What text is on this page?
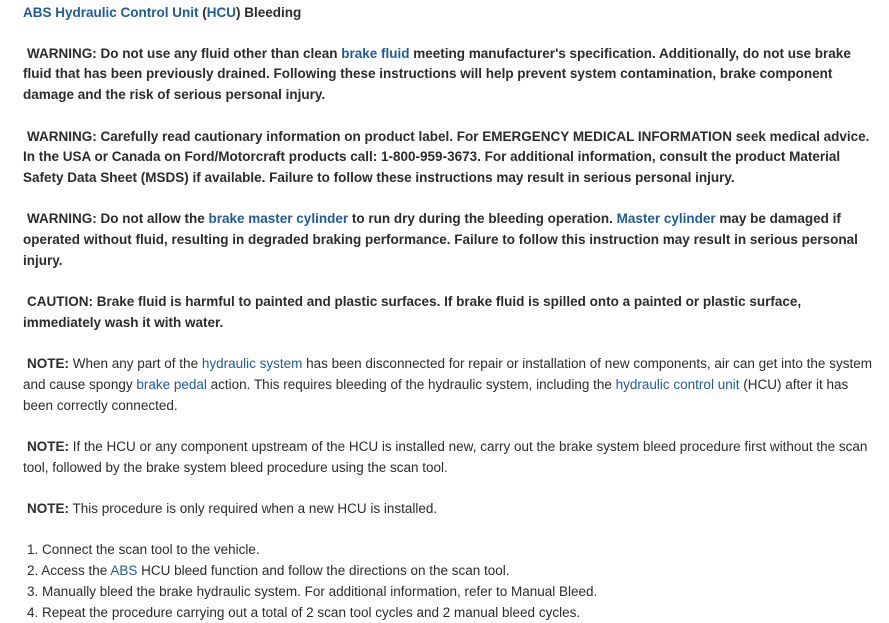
ABS Hydraulic Control Unit (HCU) Bleeding
WARNING: Do not use any fluid other than clean brake fluid meeting manufacturer's specification. Additionally, do not use brake fluid that has been previously drained. Following these instructions will help prevent system contamination, brake component damage and the risk of serious personal injury.
WARNING: Carefully read cautionary information on product label. For EMERGENCY MEDICAL INFORMATION seek medical advice. In the USA or Canada on Ford/Motorcraft products call: 1-800-959-3673. For additional information, consult the product Material Safety Data Sheet (MSDS) if available. Failure to follow these instructions may result in serious personal injury.
WARNING: Do not allow the brake master cylinder to run dry during the bleeding operation. Master cylinder may be damaged if operated without fluid, resulting in degraded braking performance. Failure to follow this instruction may result in serious personal injury.
CAUTION: Brake fluid is harmful to painted and plastic surfaces. If brake fluid is spilled onto a painted or plastic surface, immediately wash it with water.
NOTE: When any part of the hydraulic system has been disconnected for repair or installation of new components, air can get into the system and cause spongy brake pedal action. This requires bleeding of the hydraulic system, including the hydraulic control unit (HCU) after it has been correctly connected.
NOTE: If the HCU or any component upstream of the HCU is installed new, carry out the brake system bleed procedure first without the scan tool, followed by the brake system bleed procedure using the scan tool.
NOTE: This procedure is only required when a new HCU is installed.
1. Connect the scan tool to the vehicle.
2. Access the ABS HCU bleed function and follow the directions on the scan tool.
3. Manually bleed the brake hydraulic system. For additional information, refer to Manual Bleed.
4. Repeat the procedure carrying out a total of 2 scan tool cycles and 2 manual bleed cycles.
